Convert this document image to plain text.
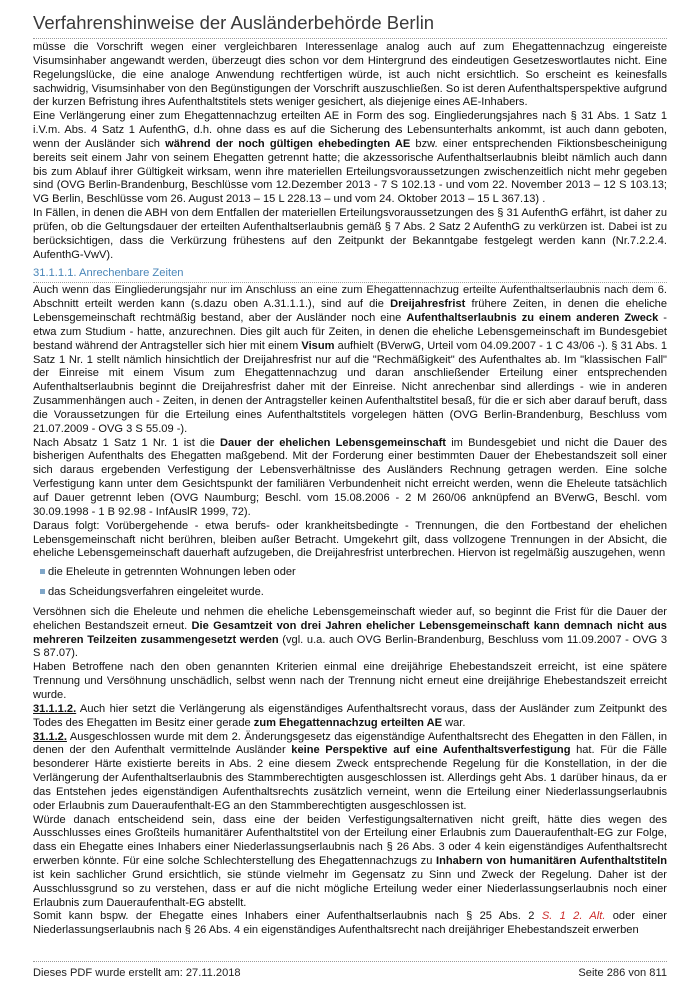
Verfahrenshinweise der Ausländerbehörde Berlin

müsse die Vorschrift wegen einer vergleichbaren Interessenlage analog auch auf zum Ehegattennachzug eingereiste Visumsinhaber angewandt werden, überzeugt dies schon vor dem Hintergrund des eindeutigen Gesetzeswortlautes nicht. Eine Regelungslücke, die eine analoge Anwendung rechtfertigen würde, ist auch nicht ersichtlich. So erscheint es keinesfalls sachwidrig, Visumsinhaber von den Begünstigungen der Vorschrift auszuschließen. So ist deren Aufenthaltsperspektive aufgrund der kurzen Befristung ihres Aufenthaltstitels stets weniger gesichert, als diejenige eines AE-Inhabers.

Eine Verlängerung einer zum Ehegattennachzug erteilten AE in Form des sog. Eingliederungsjahres nach § 31 Abs. 1 Satz 1 i.V.m. Abs. 4 Satz 1 AufenthG, d.h. ohne dass es auf die Sicherung des Lebensunterhalts ankommt, ist auch dann geboten, wenn der Ausländer sich während der noch gültigen ehebedingten AE bzw. einer entsprechenden Fiktionsbescheinigung bereits seit einem Jahr von seinem Ehegatten getrennt hatte; die akzessorische Aufenthaltserlaubnis bleibt nämlich auch dann bis zum Ablauf ihrer Gültigkeit wirksam, wenn ihre materiellen Erteilungsvoraussetzungen zwischenzeitlich nicht mehr gegeben sind (OVG Berlin-Brandenburg, Beschlüsse vom 12.Dezember 2013 - 7 S 102.13 - und vom 22. November 2013 – 12 S 103.13; VG Berlin, Beschlüsse vom 26. August 2013 – 15 L 228.13 – und vom 24. Oktober 2013 – 15 L 367.13) .

In Fällen, in denen die ABH von dem Entfallen der materiellen Erteilungsvoraussetzungen des § 31 AufenthG erfährt, ist daher zu prüfen, ob die Geltungsdauer der erteilten Aufenthaltserlaubnis gemäß § 7 Abs. 2 Satz 2 AufenthG zu verkürzen ist. Dabei ist zu berücksichtigen, dass die Verkürzung frühestens auf den Zeitpunkt der Bekanntgabe festgelegt werden kann (Nr.7.2.2.4. AufenthG-VwV).

31.1.1.1. Anrechenbare Zeiten

Auch wenn das Eingliederungsjahr nur im Anschluss an eine zum Ehegattennachzug erteilte Aufenthaltserlaubnis nach dem 6. Abschnitt erteilt werden kann (s.dazu oben A.31.1.1.), sind auf die Dreijahresfrist frühere Zeiten, in denen die eheliche Lebensgemeinschaft rechtmäßig bestand, aber der Ausländer noch eine Aufenthaltserlaubnis zu einem anderen Zweck - etwa zum Studium - hatte, anzurechnen. Dies gilt auch für Zeiten, in denen die eheliche Lebensgemeinschaft im Bundesgebiet bestand während der Antragsteller sich hier mit einem Visum aufhielt (BVerwG, Urteil vom 04.09.2007 - 1 C 43/06 -). § 31 Abs. 1 Satz 1 Nr. 1 stellt nämlich hinsichtlich der Dreijahresfrist nur auf die "Rechmäßigkeit" des Aufenthaltes ab. Im "klassischen Fall" der Einreise mit einem Visum zum Ehegattennachzug und daran anschließender Erteilung einer entsprechenden Aufenthaltserlaubnis beginnt die Dreijahresfrist daher mit der Einreise. Nicht anrechenbar sind allerdings - wie in anderen Zusammenhängen auch - Zeiten, in denen der Antragsteller keinen Aufenthaltstitel besaß, für die er sich aber darauf beruft, dass die Voraussetzungen für die Erteilung eines Aufenthaltstitels vorgelegen hätten (OVG Berlin-Brandenburg, Beschluss vom 21.07.2009 - OVG 3 S 55.09 -).

Nach Absatz 1 Satz 1 Nr. 1 ist die Dauer der ehelichen Lebensgemeinschaft im Bundesgebiet und nicht die Dauer des bisherigen Aufenthalts des Ehegatten maßgebend. Mit der Forderung einer bestimmten Dauer der Ehebestandszeit soll einer sich daraus ergebenden Verfestigung der Lebensverhältnisse des Ausländers Rechnung getragen werden. Eine solche Verfestigung kann unter dem Gesichtspunkt der familiären Verbundenheit nicht erreicht werden, wenn die Eheleute tatsächlich auf Dauer getrennt leben (OVG Naumburg; Beschl. vom 15.08.2006 - 2 M 260/06 anknüpfend an BVerwG, Beschl. vom 30.09.1998 - 1 B 92.98 - InfAuslR 1999, 72).

Daraus folgt: Vorübergehende - etwa berufs- oder krankheitsbedingte - Trennungen, die den Fortbestand der ehelichen Lebensgemeinschaft nicht berühren, bleiben außer Betracht. Umgekehrt gilt, dass vollzogene Trennungen in der Absicht, die eheliche Lebensgemeinschaft dauerhaft aufzugeben, die Dreijahresfrist unterbrechen. Hiervon ist regelmäßig auszugehen, wenn

die Eheleute in getrennten Wohnungen leben oder
das Scheidungsverfahren eingeleitet wurde.

Versöhnen sich die Eheleute und nehmen die eheliche Lebensgemeinschaft wieder auf, so beginnt die Frist für die Dauer der ehelichen Bestandszeit erneut. Die Gesamtzeit von drei Jahren ehelicher Lebensgemeinschaft kann demnach nicht aus mehreren Teilzeiten zusammengesetzt werden (vgl. u.a. auch OVG Berlin-Brandenburg, Beschluss vom 11.09.2007 - OVG 3 S 87.07).

Haben Betroffene nach den oben genannten Kriterien einmal eine dreijährige Ehebestandszeit erreicht, ist eine spätere Trennung und Versöhnung unschädlich, selbst wenn nach der Trennung nicht erneut eine dreijährige Ehebestandszeit erreicht wurde.

31.1.1.2. Auch hier setzt die Verlängerung als eigenständiges Aufenthaltsrecht voraus, dass der Ausländer zum Zeitpunkt des Todes des Ehegatten im Besitz einer gerade zum Ehegattennachzug erteilten AE war.

31.1.2. Ausgeschlossen wurde mit dem 2. Änderungsgesetz das eigenständige Aufenthaltsrecht des Ehegatten in den Fällen, in denen der den Aufenthalt vermittelnde Ausländer keine Perspektive auf eine Aufenthaltsverfestigung hat. Für die Fälle besonderer Härte existierte bereits in Abs. 2 eine diesem Zweck entsprechende Regelung für die Konstellation, in der die Verlängerung der Aufenthaltserlaubnis des Stammberechtigten ausgeschlossen ist. Allerdings geht Abs. 1 darüber hinaus, da er das Entstehen jedes eigenständigen Aufenthaltsrechts zusätzlich verneint, wenn die Erteilung einer Niederlassungserlaubnis oder Erlaubnis zum Daueraufenthalt-EG an den Stammberechtigten ausgeschlossen ist.

Würde danach entscheidend sein, dass eine der beiden Verfestigungsalternativen nicht greift, hätte dies wegen des Ausschlusses eines Großteils humanitärer Aufenthaltstitel von der Erteilung einer Erlaubnis zum Daueraufenthalt-EG zur Folge, dass ein Ehegatte eines Inhabers einer Niederlassungserlaubnis nach § 26 Abs. 3 oder 4 kein eigenständiges Aufenthaltsrecht erwerben könnte. Für eine solche Schlechterstellung des Ehegattennachzugs zu Inhabern von humanitären Aufenthaltstiteln ist kein sachlicher Grund ersichtlich, sie stünde vielmehr im Gegensatz zu Sinn und Zweck der Regelung. Daher ist der Ausschlussgrund so zu verstehen, dass er auf die nicht mögliche Erteilung weder einer Niederlassungserlaubnis noch einer Erlaubnis zum Daueraufenthalt-EG abstellt.

Somit kann bspw. der Ehegatte eines Inhabers einer Aufenthaltserlaubnis nach § 25 Abs. 2 S. 1 2. Alt. oder einer Niederlassungserlaubnis nach § 26 Abs. 4 ein eigenständiges Aufenthaltsrecht nach dreijähriger Ehebestandszeit erwerben

Dieses PDF wurde erstellt am: 27.11.2018	Seite 286 von 811
